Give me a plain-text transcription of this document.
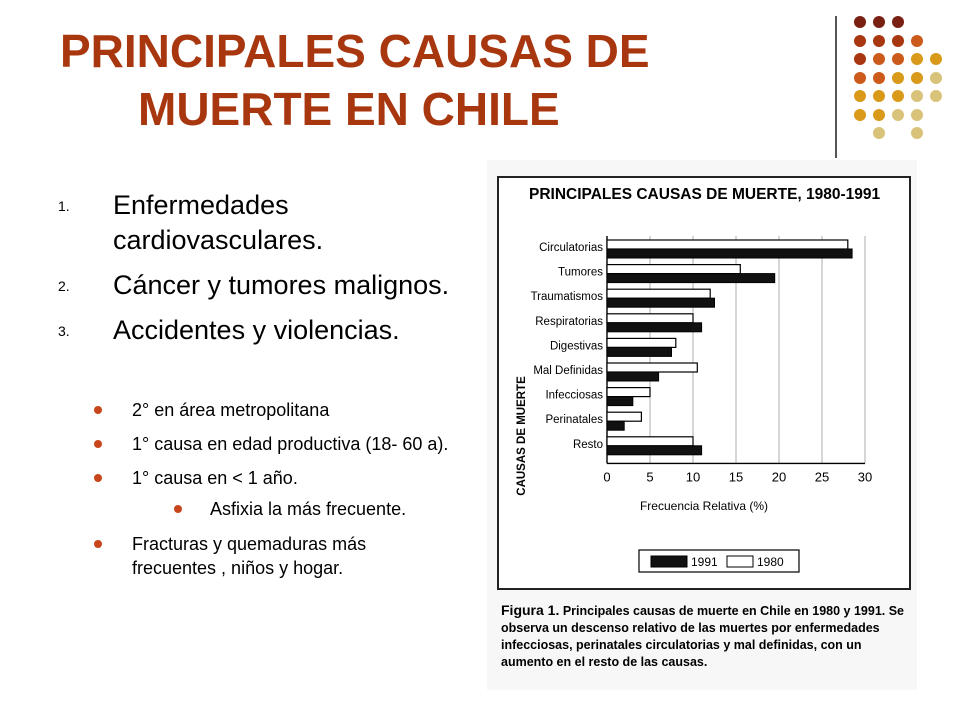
PRINCIPALES CAUSAS DE
MUERTE EN CHILE
1. Enfermedades cardiovasculares.
2. Cáncer y tumores malignos.
3. Accidentes y violencias.
2° en área metropolitana
1° causa en edad productiva (18- 60 a).
1° causa en < 1 año.
Asfixia la más frecuente.
Fracturas y quemaduras más frecuentes , niños y hogar.
PRINCIPALES CAUSAS DE MUERTE, 1980-1991
CAUSAS DE MUERTE
Frecuencia Relativa (%)
0	5 10 15 20 25 30
Circulatorias
Tumores
Traumatismos
Respiratorias
Digestivas
Mal Definidas
Infecciosas
Perinatales
Resto
1991	1980
Figura 1. Principales causas de muerte en Chile en 1980 y 1991. Se observa un descenso relativo de las muertes por enfermedades infecciosas, perinatales circulatorias y mal definidas, con un aumento en el resto de las causas.
